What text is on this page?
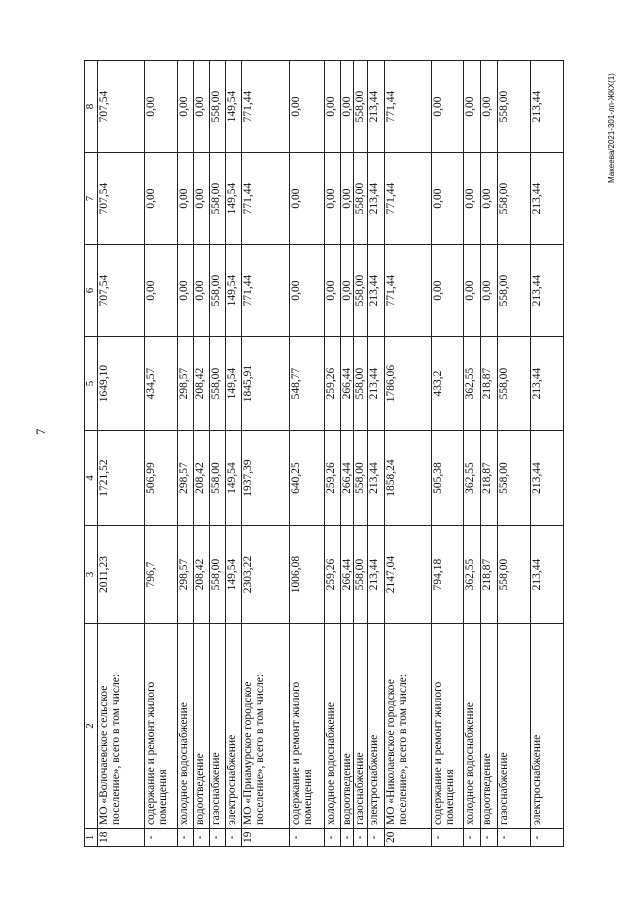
7
Макеева/2021-301-лп-ЖКХ(1)
1	2	3	4	5	6	7	8
18	МО «Волочаевское сельское поселение», всего в том числе:	2011,23	1721,52	1649,10	707,54	707,54	707,54
-	содержание и ремонт жилого помещения	796,7	506,99	434,57	0,00	0,00	0,00
-	холодное водоснабжение	298,57	298,57	298,57	0,00	0,00	0,00
-	водоотведение	208,42	208,42	208,42	0,00	0,00	0,00
-	газоснабжение	558,00	558,00	558,00	558,00	558,00	558,00
-	электроснабжение	149,54	149,54	149,54	149,54	149,54	149,54
19	МО «Приамурское городское поселение», всего в том числе:	2303,22	1937,39	1845,91	771,44	771,44	771,44
-	содержание и ремонт жилого помещения	1006,08	640,25	548,77	0,00	0,00	0,00
-	холодное водоснабжение	259,26	259,26	259,26	0,00	0,00	0,00
-	водоотведение	266,44	266,44	266,44	0,00	0,00	0,00
-	газоснабжение	558,00	558,00	558,00	558,00	558,00	558,00
-	электроснабжение	213,44	213,44	213,44	213,44	213,44	213,44
20	МО «Николаевское городское поселение», всего в том числе:	2147,04	1858,24	1786,06	771,44	771,44	771,44
-	содержание и ремонт жилого помещения	794,18	505,38	433,2	0,00	0,00	0,00
-	холодное водоснабжение	362,55	362,55	362,55	0,00	0,00	0,00
-	водоотведение	218,87	218,87	218,87	0,00	0,00	0,00
-	газоснабжение	558,00	558,00	558,00	558,00	558,00	558,00
-	электроснабжение	213,44	213,44	213,44	213,44	213,44	213,44
